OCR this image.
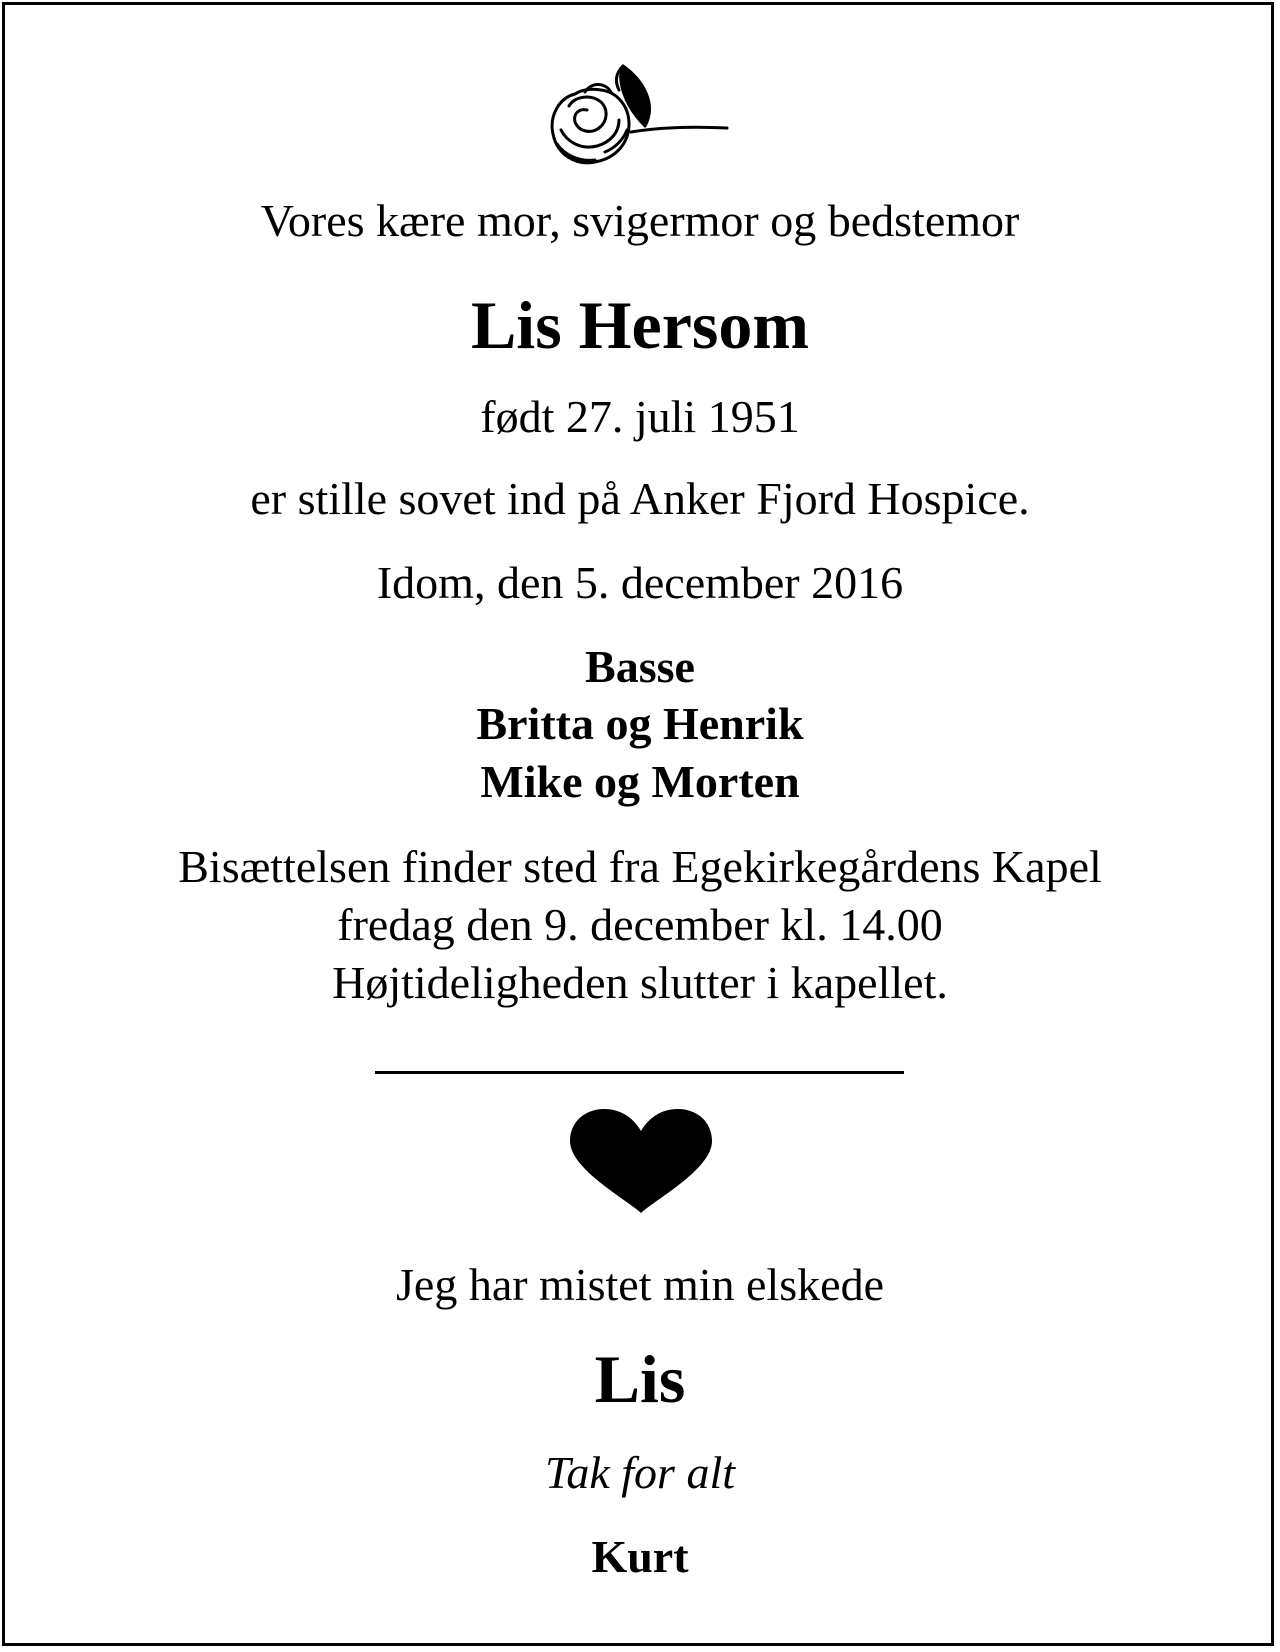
Vores kære mor, svigermor og bedstemor
Lis Hersom
født 27. juli 1951
er stille sovet ind på Anker Fjord Hospice.
Idom, den 5. december 2016
Basse
Britta og Henrik
Mike og Morten
Bisættelsen finder sted fra Egekirkegårdens Kapel
fredag den 9. december kl. 14.00
Højtideligheden slutter i kapellet.
Jeg har mistet min elskede
Lis
Tak for alt
Kurt
